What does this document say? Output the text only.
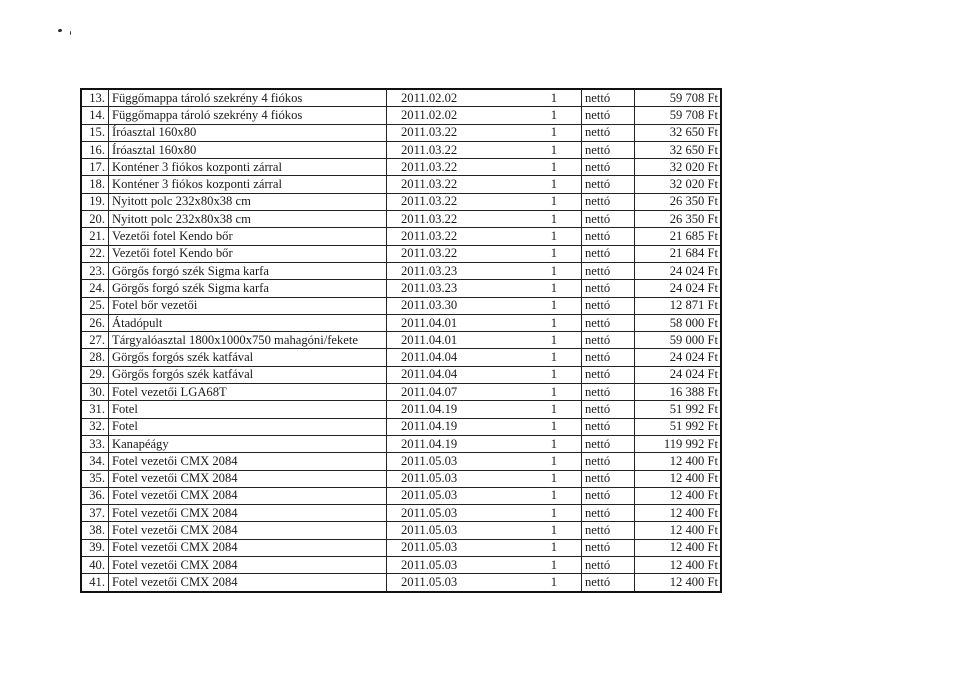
13.	Függőmappa tároló szekrény 4 fiókos	2011.02.02	1	nettó	59 708 Ft
14.	Függőmappa tároló szekrény 4 fiókos	2011.02.02	1	nettó	59 708 Ft
15.	Íróasztal 160x80	2011.03.22	1	nettó	32 650 Ft
16.	Íróasztal 160x80	2011.03.22	1	nettó	32 650 Ft
17.	Konténer 3 fiókos kozponti zárral	2011.03.22	1	nettó	32 020 Ft
18.	Konténer 3 fiókos kozponti zárral	2011.03.22	1	nettó	32 020 Ft
19.	Nyitott polc 232x80x38 cm	2011.03.22	1	nettó	26 350 Ft
20.	Nyitott polc 232x80x38 cm	2011.03.22	1	nettó	26 350 Ft
21.	Vezetői fotel Kendo bőr	2011.03.22	1	nettó	21 685 Ft
22.	Vezetői fotel Kendo bőr	2011.03.22	1	nettó	21 684 Ft
23.	Görgős forgó szék Sigma karfa	2011.03.23	1	nettó	24 024 Ft
24.	Görgős forgó szék Sigma karfa	2011.03.23	1	nettó	24 024 Ft
25.	Fotel bőr vezetői	2011.03.30	1	nettó	12 871 Ft
26.	Átadópult	2011.04.01	1	nettó	58 000 Ft
27.	Tárgyalóasztal 1800x1000x750 mahagóni/fekete	2011.04.01	1	nettó	59 000 Ft
28.	Görgős forgós szék katfával	2011.04.04	1	nettó	24 024 Ft
29.	Görgős forgós szék katfával	2011.04.04	1	nettó	24 024 Ft
30.	Fotel vezetői LGA68T	2011.04.07	1	nettó	16 388 Ft
31.	Fotel	2011.04.19	1	nettó	51 992 Ft
32.	Fotel	2011.04.19	1	nettó	51 992 Ft
33.	Kanapéágy	2011.04.19	1	nettó	119 992 Ft
34.	Fotel vezetői CMX 2084	2011.05.03	1	nettó	12 400 Ft
35.	Fotel vezetői CMX 2084	2011.05.03	1	nettó	12 400 Ft
36.	Fotel vezetői CMX 2084	2011.05.03	1	nettó	12 400 Ft
37.	Fotel vezetői CMX 2084	2011.05.03	1	nettó	12 400 Ft
38.	Fotel vezetői CMX 2084	2011.05.03	1	nettó	12 400 Ft
39.	Fotel vezetői CMX 2084	2011.05.03	1	nettó	12 400 Ft
40.	Fotel vezetői CMX 2084	2011.05.03	1	nettó	12 400 Ft
41.	Fotel vezetői CMX 2084	2011.05.03	1	nettó	12 400 Ft
